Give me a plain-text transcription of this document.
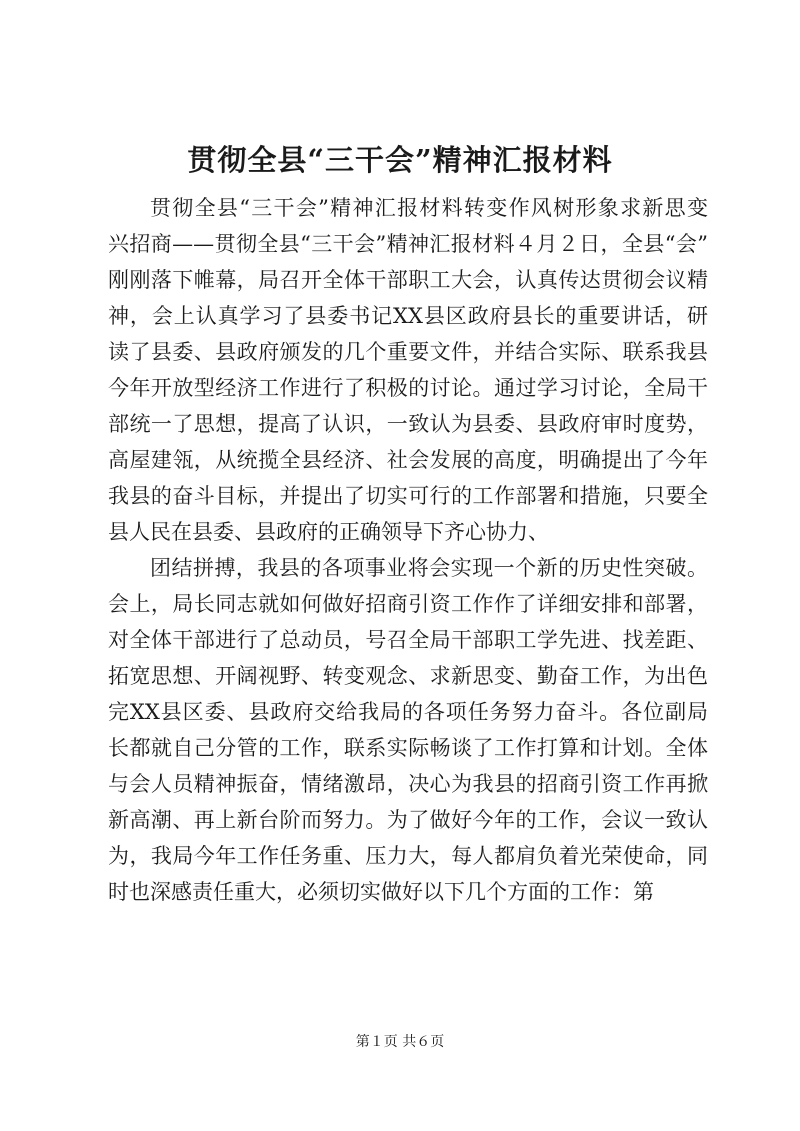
贯彻全县“三干会”精神汇报材料

贯彻全县“三干会”精神汇报材料转变作风树形象求新思变

兴招商——贯彻全县“三干会”精神汇报材料４月２日，全县“会”

刚刚落下帷幕，局召开全体干部职工大会，认真传达贯彻会议精

神，会上认真学习了县委书记XX县区政府县长的重要讲话，研

读了县委、县政府颁发的几个重要文件，并结合实际、联系我县

今年开放型经济工作进行了积极的讨论。通过学习讨论，全局干

部统一了思想，提高了认识，一致认为县委、县政府审时度势，

高屋建瓴，从统揽全县经济、社会发展的高度，明确提出了今年

我县的奋斗目标，并提出了切实可行的工作部署和措施，只要全

县人民在县委、县政府的正确领导下齐心协力、

团结拼搏，我县的各项事业将会实现一个新的历史性突破。

会上，局长同志就如何做好招商引资工作作了详细安排和部署，

对全体干部进行了总动员，号召全局干部职工学先进、找差距、

拓宽思想、开阔视野、转变观念、求新思变、勤奋工作，为出色

完XX县区委、县政府交给我局的各项任务努力奋斗。各位副局

长都就自己分管的工作，联系实际畅谈了工作打算和计划。全体

与会人员精神振奋，情绪激昂，决心为我县的招商引资工作再掀

新高潮、再上新台阶而努力。为了做好今年的工作，会议一致认

为，我局今年工作任务重、压力大，每人都肩负着光荣使命，同

时也深感责任重大，必须切实做好以下几个方面的工作：第

第１页 共６页
